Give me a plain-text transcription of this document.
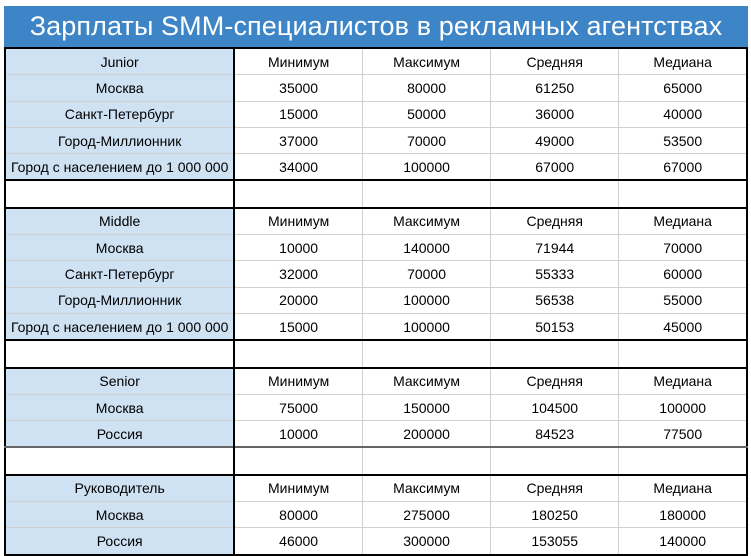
Зарплаты SMM-специалистов в рекламных агентствах
Junior	Минимум	Максимум	Средняя	Медиана
Москва	35000	80000	61250	65000
Санкт-Петербург	15000	50000	36000	40000
Город-Миллионник	37000	70000	49000	53500
Город с населением до 1 000 000	34000	100000	67000	67000

Middle	Минимум	Максимум	Средняя	Медиана
Москва	10000	140000	71944	70000
Санкт-Петербург	32000	70000	55333	60000
Город-Миллионник	20000	100000	56538	55000
Город с населением до 1 000 000	15000	100000	50153	45000

Senior	Минимум	Максимум	Средняя	Медиана
Москва	75000	150000	104500	100000
Россия	10000	200000	84523	77500

Руководитель	Минимум	Максимум	Средняя	Медиана
Москва	80000	275000	180250	180000
Россия	46000	300000	153055	140000
